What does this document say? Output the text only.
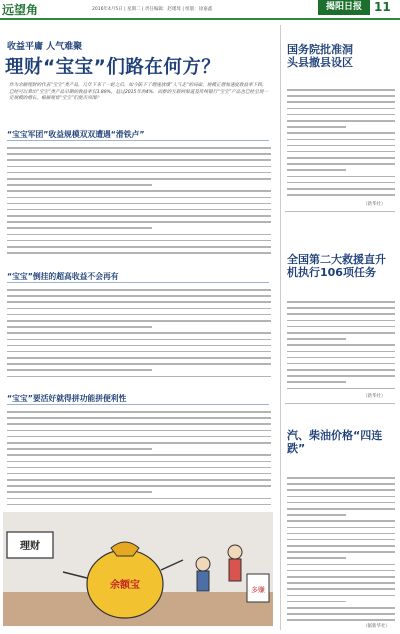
远望角	2016年4月5日 | 星期二 | 责任编辑：赵瑾琦 | 组版：徐嘉鑫	揭阳日报	11
收益平庸 人气难聚
理财“宝宝”们路在何方？
作为余额理财的代表“宝宝”类产品，几年下来了一轮之后，如今陷下了增速放缓“人气走”的局面。规模正增加速度收益率下跌，已经可以看出“宝宝”类产品早期的收益率仅3.89%，赶过2015年的4%，而新的互联网渠道及传统银行“宝宝”产品也已经呈现一定规模的增长。根据观察“宝宝”们能否突围？
“宝宝军团”收益规模双双遭遇“滑铁卢”
“宝宝”倒挂的超高收益不会再有
“宝宝”要活好就得拼功能拼便利性
理财
余额宝	多赚
国务院批准洞头县撤县设区
（新华社）
全国第二大救援直升机执行106项任务
（新华社）
汽、柴油价格“四连跌”
（据新华社）
